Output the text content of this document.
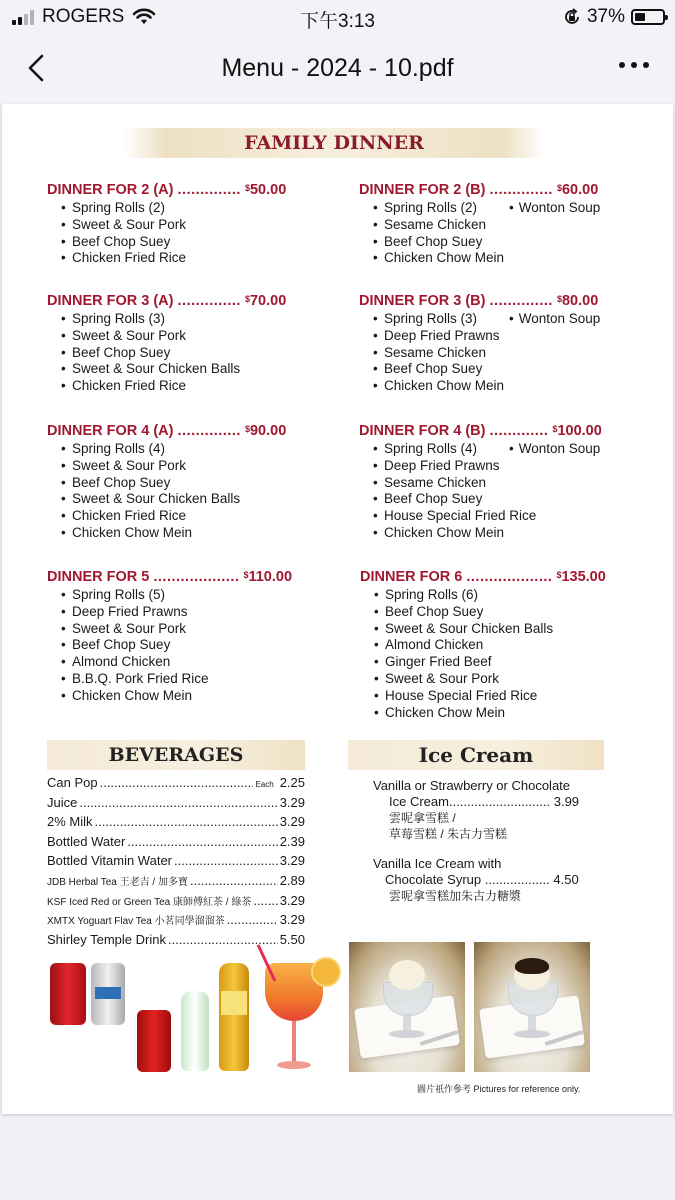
ROGERS	下午3:13	37%
Menu - 2024 - 10.pdf
FAMILY DINNER
DINNER FOR 2 (A) .............. $50.00
• Spring Rolls (2)
• Sweet & Sour Pork
• Beef Chop Suey
• Chicken Fried Rice
DINNER FOR 2 (B) .............. $60.00
• Spring Rolls (2)	• Wonton Soup
• Sesame Chicken
• Beef Chop Suey
• Chicken Chow Mein
DINNER FOR 3 (A) .............. $70.00
• Spring Rolls (3)
• Sweet & Sour Pork
• Beef Chop Suey
• Sweet & Sour Chicken Balls
• Chicken Fried Rice
DINNER FOR 3 (B) .............. $80.00
• Spring Rolls (3)	• Wonton Soup
• Deep Fried Prawns
• Sesame Chicken
• Beef Chop Suey
• Chicken Chow Mein
DINNER FOR 4 (A) .............. $90.00
• Spring Rolls (4)
• Sweet & Sour Pork
• Beef Chop Suey
• Sweet & Sour Chicken Balls
• Chicken Fried Rice
• Chicken Chow Mein
DINNER FOR 4 (B) ............. $100.00
• Spring Rolls (4)	• Wonton Soup
• Deep Fried Prawns
• Sesame Chicken
• Beef Chop Suey
• House Special Fried Rice
• Chicken Chow Mein
DINNER FOR 5 ................... $110.00
• Spring Rolls (5)
• Deep Fried Prawns
• Sweet & Sour Pork
• Beef Chop Suey
• Almond Chicken
• B.B.Q. Pork Fried Rice
• Chicken Chow Mein
DINNER FOR 6 ................... $135.00
• Spring Rolls (6)
• Beef Chop Suey
• Sweet & Sour Chicken Balls
• Almond Chicken
• Ginger Fried Beef
• Sweet & Sour Pork
• House Special Fried Rice
• Chicken Chow Mein
BEVERAGES	Ice Cream
Can Pop .....	Each 2.25
Juice .....	3.29
2% Milk .....	3.29
Bottled Water .....	2.39
Bottled Vitamin Water .....	3.29
JDB Herbal Tea 王老吉 / 加多寶 .....	2.89
KSF Iced Red or Green Tea 康師傅紅茶 / 綠茶 ..... 3.29
XMTX Yoguart Flav Tea 小茗同學溜溜茶 .....	3.29
Shirley Temple Drink .....	5.50
Vanilla or Strawberry or Chocolate
Ice Cream............................ 3.99
雲呢拿雪糕 /
草莓雪糕 / 朱古力雪糕
Vanilla Ice Cream with
Chocolate Syrup .................. 4.50
雲呢拿雪糕加朱古力糖漿
圖片祇作參考 Pictures for reference only.
